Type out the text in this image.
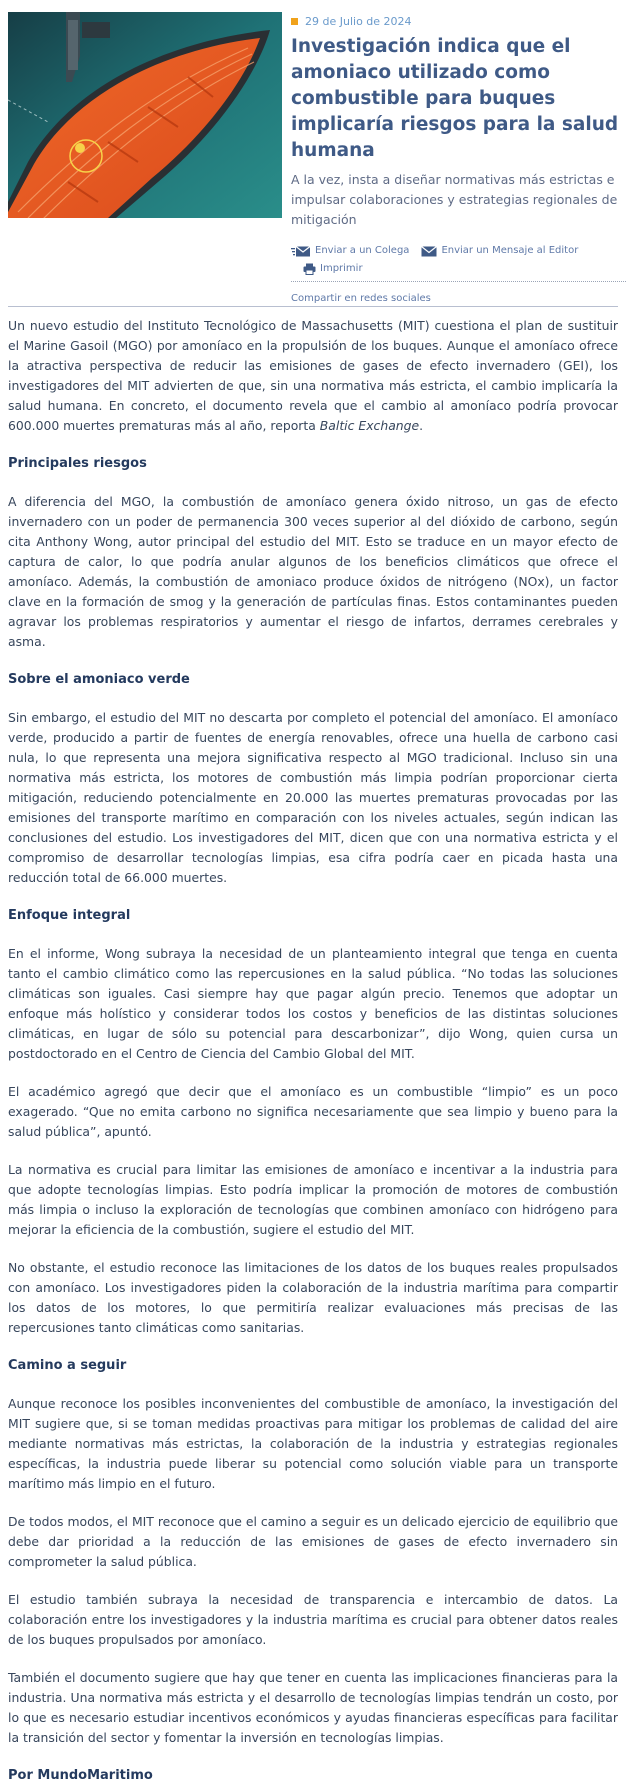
29 de Julio de 2024
Investigación indica que el amoniaco utilizado como combustible para buques implicaría riesgos para la salud humana
A la vez, insta a diseñar normativas más estrictas e impulsar colaboraciones y estrategias regionales de mitigación
Enviar a un Colega	Enviar un Mensaje al Editor
Imprimir
Compartir en redes sociales

Un nuevo estudio del Instituto Tecnológico de Massachusetts (MIT) cuestiona el plan de sustituir el Marine Gasoil (MGO) por amoníaco en la propulsión de los buques. Aunque el amoníaco ofrece la atractiva perspectiva de reducir las emisiones de gases de efecto invernadero (GEI), los investigadores del MIT advierten de que, sin una normativa más estricta, el cambio implicaría la salud humana. En concreto, el documento revela que el cambio al amoníaco podría provocar 600.000 muertes prematuras más al año, reporta Baltic Exchange.

Principales riesgos

A diferencia del MGO, la combustión de amoníaco genera óxido nitroso, un gas de efecto invernadero con un poder de permanencia 300 veces superior al del dióxido de carbono, según cita Anthony Wong, autor principal del estudio del MIT. Esto se traduce en un mayor efecto de captura de calor, lo que podría anular algunos de los beneficios climáticos que ofrece el amoníaco. Además, la combustión de amoniaco produce óxidos de nitrógeno (NOx), un factor clave en la formación de smog y la generación de partículas finas. Estos contaminantes pueden agravar los problemas respiratorios y aumentar el riesgo de infartos, derrames cerebrales y asma.

Sobre el amoniaco verde

Sin embargo, el estudio del MIT no descarta por completo el potencial del amoníaco. El amoníaco verde, producido a partir de fuentes de energía renovables, ofrece una huella de carbono casi nula, lo que representa una mejora significativa respecto al MGO tradicional. Incluso sin una normativa más estricta, los motores de combustión más limpia podrían proporcionar cierta mitigación, reduciendo potencialmente en 20.000 las muertes prematuras provocadas por las emisiones del transporte marítimo en comparación con los niveles actuales, según indican las conclusiones del estudio. Los investigadores del MIT, dicen que con una normativa estricta y el compromiso de desarrollar tecnologías limpias, esa cifra podría caer en picada hasta una reducción total de 66.000 muertes.

Enfoque integral

En el informe, Wong subraya la necesidad de un planteamiento integral que tenga en cuenta tanto el cambio climático como las repercusiones en la salud pública. “No todas las soluciones climáticas son iguales. Casi siempre hay que pagar algún precio. Tenemos que adoptar un enfoque más holístico y considerar todos los costos y beneficios de las distintas soluciones climáticas, en lugar de sólo su potencial para descarbonizar”, dijo Wong, quien cursa un postdoctorado en el Centro de Ciencia del Cambio Global del MIT.

El académico agregó que decir que el amoníaco es un combustible “limpio” es un poco exagerado. “Que no emita carbono no significa necesariamente que sea limpio y bueno para la salud pública”, apuntó.

La normativa es crucial para limitar las emisiones de amoníaco e incentivar a la industria para que adopte tecnologías limpias. Esto podría implicar la promoción de motores de combustión más limpia o incluso la exploración de tecnologías que combinen amoníaco con hidrógeno para mejorar la eficiencia de la combustión, sugiere el estudio del MIT.

No obstante, el estudio reconoce las limitaciones de los datos de los buques reales propulsados con amoníaco. Los investigadores piden la colaboración de la industria marítima para compartir los datos de los motores, lo que permitiría realizar evaluaciones más precisas de las repercusiones tanto climáticas como sanitarias.

Camino a seguir

Aunque reconoce los posibles inconvenientes del combustible de amoníaco, la investigación del MIT sugiere que, si se toman medidas proactivas para mitigar los problemas de calidad del aire mediante normativas más estrictas, la colaboración de la industria y estrategias regionales específicas, la industria puede liberar su potencial como solución viable para un transporte marítimo más limpio en el futuro.

De todos modos, el MIT reconoce que el camino a seguir es un delicado ejercicio de equilibrio que debe dar prioridad a la reducción de las emisiones de gases de efecto invernadero sin comprometer la salud pública.

El estudio también subraya la necesidad de transparencia e intercambio de datos. La colaboración entre los investigadores y la industria marítima es crucial para obtener datos reales de los buques propulsados por amoníaco.

También el documento sugiere que hay que tener en cuenta las implicaciones financieras para la industria. Una normativa más estricta y el desarrollo de tecnologías limpias tendrán un costo, por lo que es necesario estudiar incentivos económicos y ayudas financieras específicas para facilitar la transición del sector y fomentar la inversión en tecnologías limpias.

Por MundoMaritimo
